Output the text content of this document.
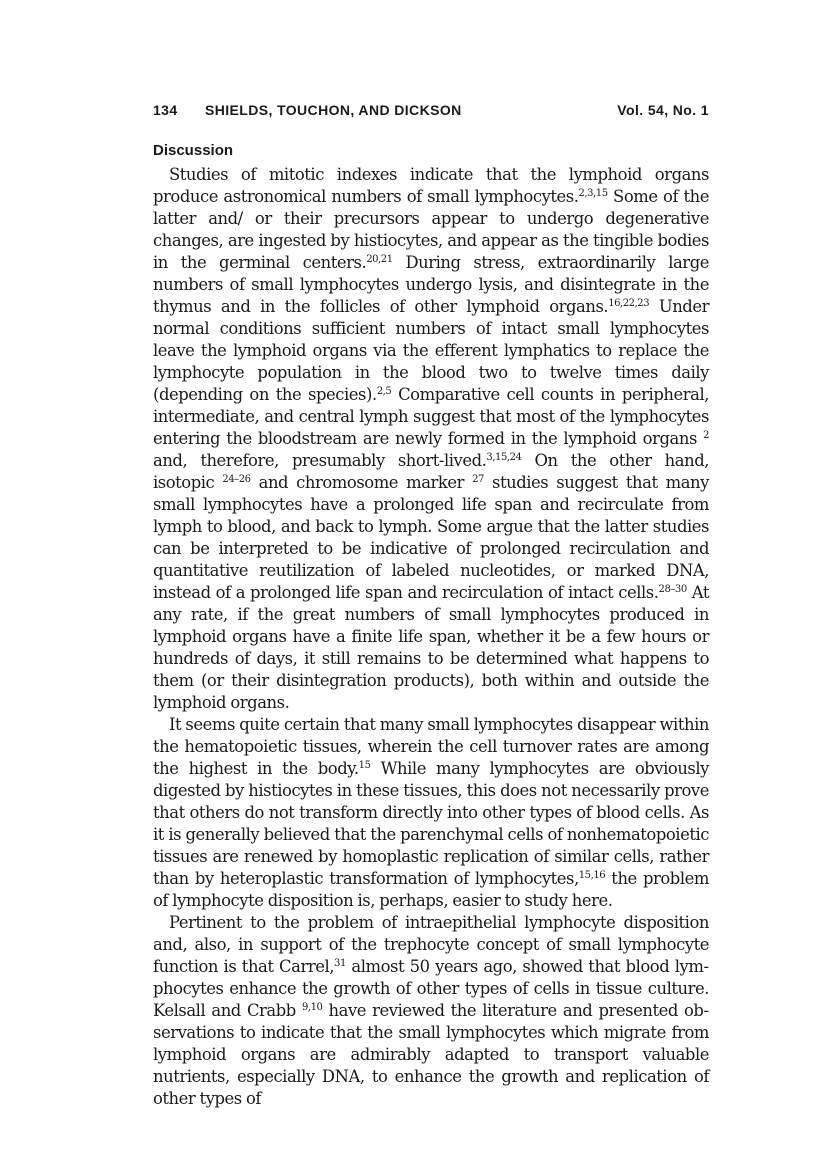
134 SHIELDS, TOUCHON, AND DICKSON	Vol. 54, No. 1
Discussion

Studies of mitotic indexes indicate that the lymphoid organs produce astronomical numbers of small lymphocytes.$^{2,3,15}$ Some of the latter and/ or their precursors appear to undergo degenerative changes, are ingested by histiocytes, and appear as the tingible bodies in the germinal centers.$^{20,21}$ During stress, extraordinarily large numbers of small lymphocytes undergo lysis, and disintegrate in the thymus and in the follicles of other lymphoid organs.$^{16,22,23}$ Under normal conditions sufficient numbers of intact small lymphocytes leave the lymphoid organs via the efferent lymphatics to replace the lymphocyte population in the blood two to twelve times daily (depending on the species).$^{2,5}$ Comparative cell counts in peripheral, intermediate, and central lymph suggest that most of the lymphocytes entering the bloodstream are newly formed in the lymphoid organs $^2$ and, therefore, presumably short-lived.$^{3,15,24}$ On the other hand, isotopic $^{24-26}$ and chromosome marker $^{27}$ studies suggest that many small lymphocytes have a prolonged life span and recirculate from lymph to blood, and back to lymph. Some argue that the latter studies can be interpreted to be indicative of prolonged recirculation and quantitative reutilization of labeled nucleotides, or marked DNA, instead of a prolonged life span and recirculation of intact cells.$^{28-30}$ At any rate, if the great numbers of small lymphocytes produced in lymphoid organs have a finite life span, whether it be a few hours or hundreds of days, it still remains to be determined what happens to them (or their disintegration products), both within and outside the lymphoid organs.

It seems quite certain that many small lymphocytes disappear within the hematopoietic tissues, wherein the cell turnover rates are among the highest in the body.$^{15}$ While many lymphocytes are obviously digested by histiocytes in these tissues, this does not necessarily prove that others do not transform directly into other types of blood cells. As it is generally believed that the parenchymal cells of nonhematopoietic tissues are renewed by homoplastic replication of similar cells, rather than by heteroplastic transformation of lymphocytes,$^{15,16}$ the problem of lymphocyte disposition is, perhaps, easier to study here.

Pertinent to the problem of intraepithelial lymphocyte disposition and, also, in support of the trephocyte concept of small lymphocyte function is that Carrel,$^{31}$ almost 50 years ago, showed that blood lymphocytes enhance the growth of other types of cells in tissue culture. Kelsall and Crabb $^{9,10}$ have reviewed the literature and presented observations to indicate that the small lymphocytes which migrate from lymphoid organs are admirably adapted to transport valuable nutrients, especially DNA, to enhance the growth and replication of other types of
